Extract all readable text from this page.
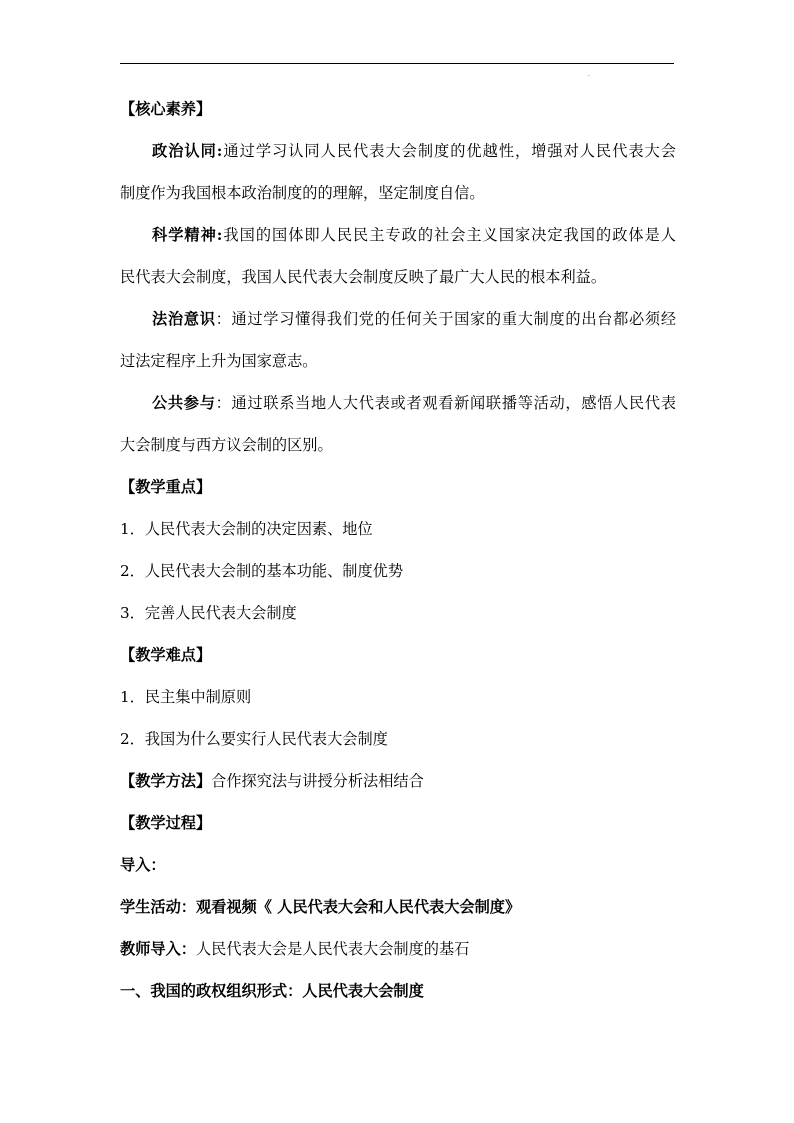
.
【核心素养】
政治认同:通过学习认同人民代表大会制度的优越性，增强对人民代表大会
制度作为我国根本政治制度的的理解，坚定制度自信。
科学精神:我国的国体即人民民主专政的社会主义国家决定我国的政体是人
民代表大会制度，我国人民代表大会制度反映了最广大人民的根本利益。
法治意识：通过学习懂得我们党的任何关于国家的重大制度的出台都必须经
过法定程序上升为国家意志。
公共参与：通过联系当地人大代表或者观看新闻联播等活动，感悟人民代表
大会制度与西方议会制的区别。
【教学重点】
1．人民代表大会制的决定因素、地位
2．人民代表大会制的基本功能、制度优势
3．完善人民代表大会制度
【教学难点】
1．民主集中制原则
2．我国为什么要实行人民代表大会制度
【教学方法】合作探究法与讲授分析法相结合
【教学过程】
导入：
学生活动：观看视频《 人民代表大会和人民代表大会制度》
教师导入：人民代表大会是人民代表大会制度的基石
一、我国的政权组织形式：人民代表大会制度
